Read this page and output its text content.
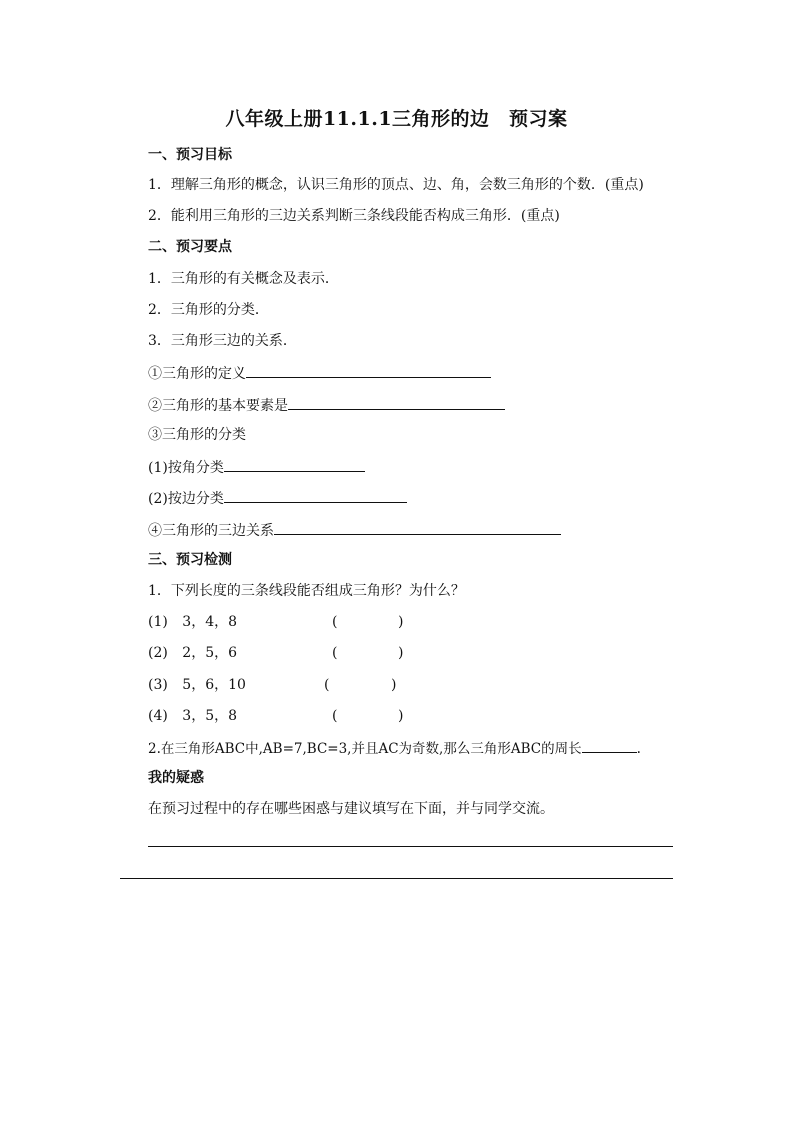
八年级上册11.1.1三角形的边　预习案
一、预习目标
1．理解三角形的概念，认识三角形的顶点、边、角，会数三角形的个数．(重点)
2．能利用三角形的三边关系判断三条线段能否构成三角形．(重点)
二、预习要点
1．三角形的有关概念及表示．
2．三角形的分类．
3．三角形三边的关系．
①三角形的定义
②三角形的基本要素是
③三角形的分类
(1)按角分类
(2)按边分类
④三角形的三边关系
三、预习检测
1．下列长度的三条线段能否组成三角形？为什么？
(1) 3，4，8	(	)
(2) 2，5，6	(	)
(3) 5，6，10	(	)
(4) 3，5，8	(	)
2.在三角形ABC中,AB=7,BC=3,并且AC为奇数,那么三角形ABC的周长	.
我的疑惑
在预习过程中的存在哪些困惑与建议填写在下面，并与同学交流。
